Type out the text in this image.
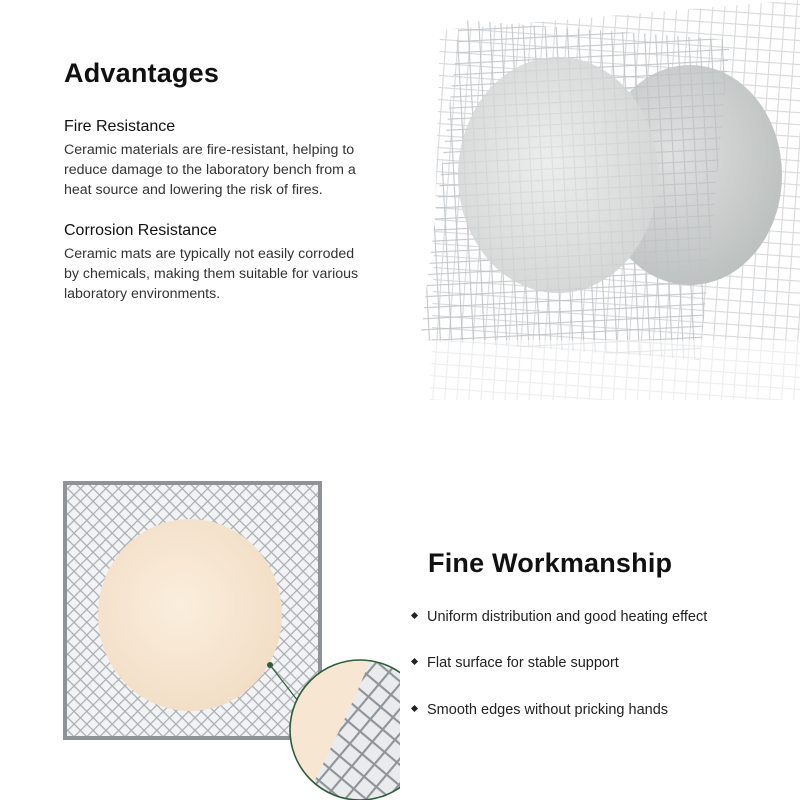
Advantages
Fire Resistance
Ceramic materials are fire-resistant, helping to
reduce damage to the laboratory bench from a
heat source and lowering the risk of fires.
Corrosion Resistance
Ceramic mats are typically not easily corroded
by chemicals, making them suitable for various
laboratory environments.
Fine Workmanship
Uniform distribution and good heating effect
Flat surface for stable support
Smooth edges without pricking hands
